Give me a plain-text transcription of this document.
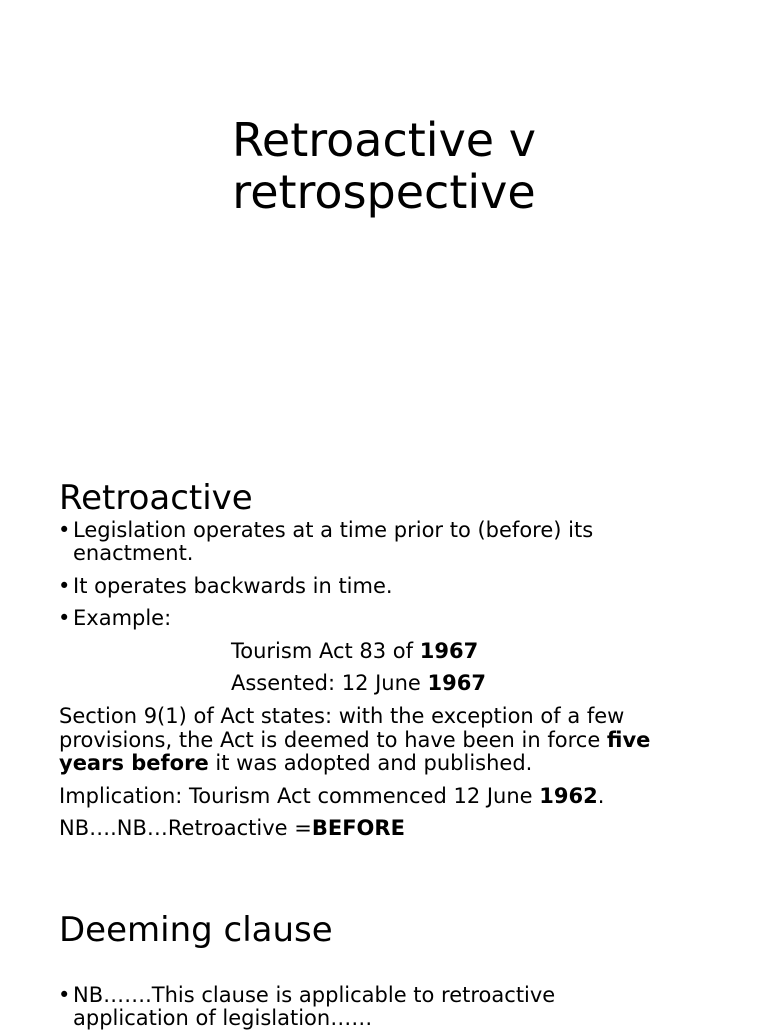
Retroactive v
retrospective
Retroactive
• Legislation operates at a time prior to (before) its
enactment.
• It operates backwards in time.
• Example:
Tourism Act 83 of 1967
Assented: 12 June 1967
Section 9(1) of Act states: with the exception of a few
provisions, the Act is deemed to have been in force five
years before it was adopted and published.
Implication: Tourism Act commenced 12 June 1962.
NB….NB…Retroactive =BEFORE
Deeming clause
• NB…….This clause is applicable to retroactive
application of legislation……
